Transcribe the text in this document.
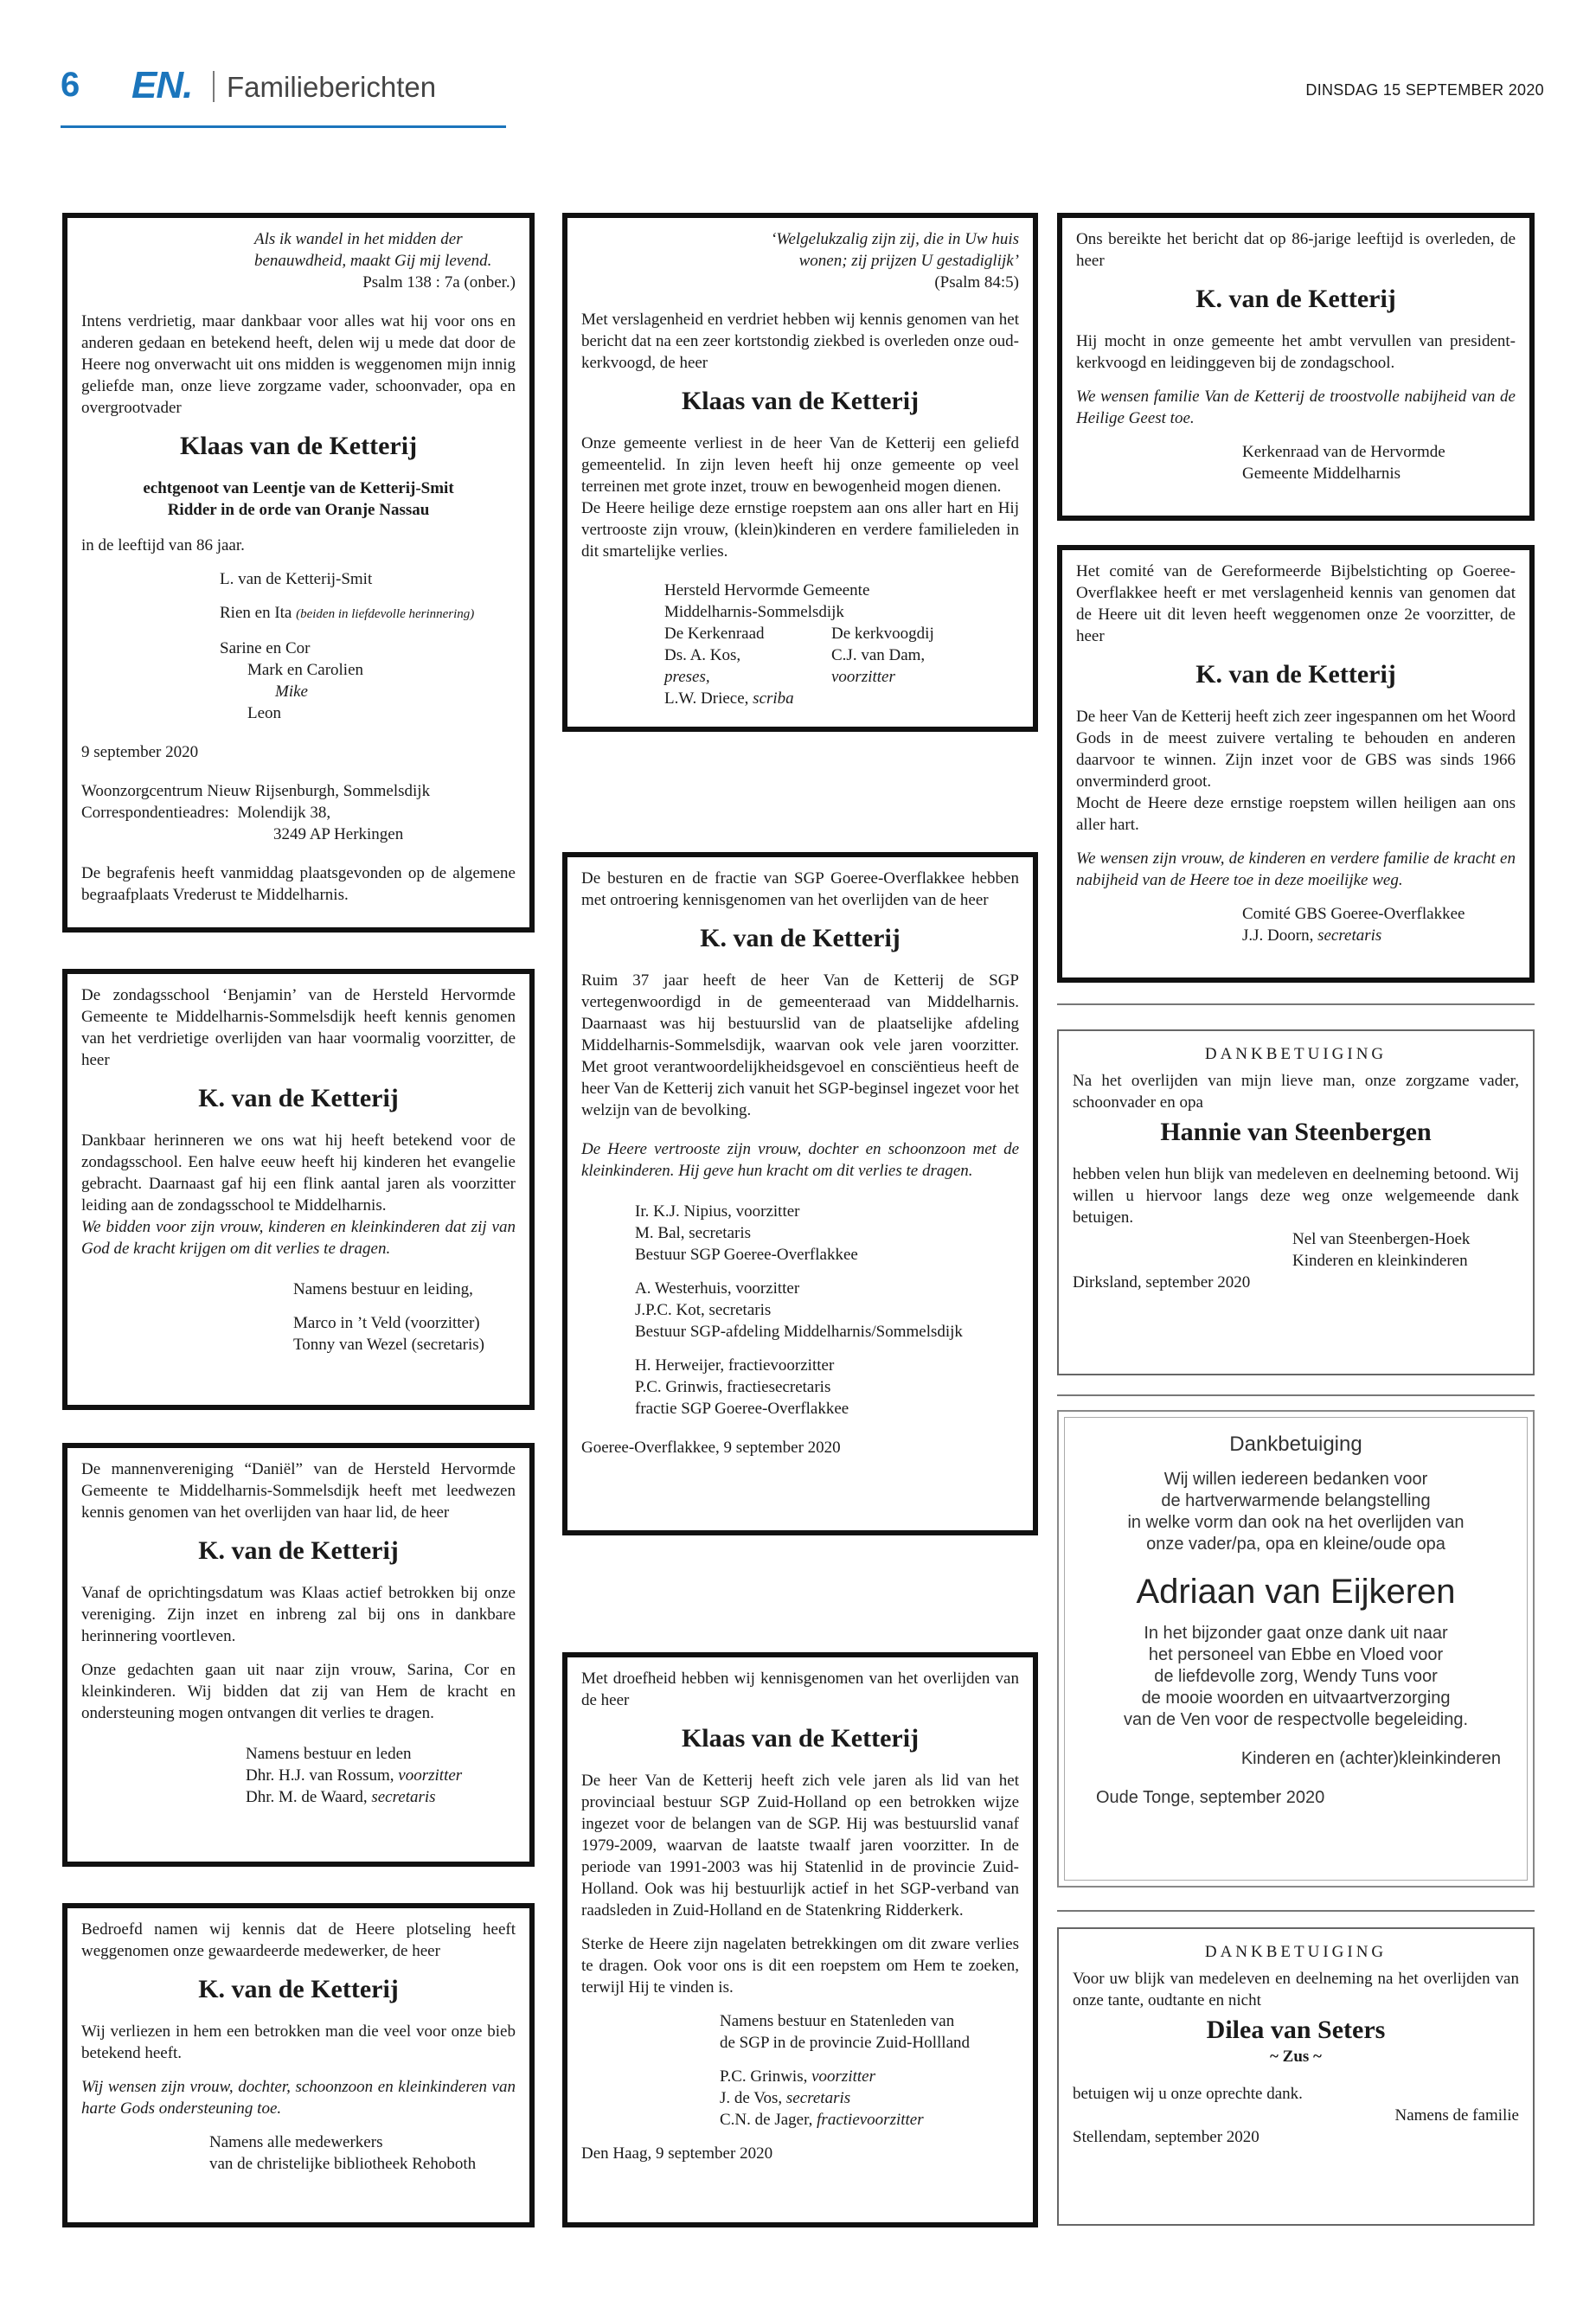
6 EN. Familieberichten	DINSDAG 15 SEPTEMBER 2020
Als ik wandel in het midden der
benauwdheid, maakt Gij mij levend.

Psalm 138 : 7a (onber.)

Intens verdrietig, maar dankbaar voor alles wat hij voor ons en anderen gedaan en betekend heeft, delen wij u mede dat door de Heere nog onverwacht uit ons midden is weggenomen mijn innig geliefde man, onze lieve zorgzame vader, schoonvader, opa en overgrootvader

Klaas van de Ketterij
echtgenoot van Leentje van de Ketterij-Smit
Ridder in de orde van Oranje Nassau

in de leeftijd van 86 jaar.

L. van de Ketterij-Smit

Rien en Ita (beiden in liefdevolle herinnering)

Sarine en Cor
Mark en Carolien
Mike

Leon

9 september 2020

Woonzorgcentrum Nieuw Rijsenburgh, Sommelsdijk
Correspondentieadres: Molendijk 38,

3249 AP Herkingen

De begrafenis heeft vanmiddag plaatsgevonden op de algemene begraafplaats Vrederust te Middelharnis.

De zondagsschool ‘Benjamin’ van de Hersteld Hervormde Gemeente te Middelharnis-Sommelsdijk heeft kennis genomen van het verdrietige overlijden van haar voormalig voorzitter, de heer

K. van de Ketterij
Dankbaar herinneren we ons wat hij heeft betekend voor de zondagsschool. Een halve eeuw heeft hij kinderen het evangelie gebracht. Daarnaast gaf hij een flink aantal jaren als voorzitter leiding aan de zondagsschool te Middelharnis.

We bidden voor zijn vrouw, kinderen en kleinkinderen dat zij van God de kracht krijgen om dit verlies te dragen.

Namens bestuur en leiding,

Marco in ’t Veld (voorzitter)
Tonny van Wezel (secretaris)

De mannenvereniging “Daniël” van de Hersteld Hervormde Gemeente te Middelharnis-Sommelsdijk heeft met leedwezen kennis genomen van het overlijden van haar lid, de heer

K. van de Ketterij

Vanaf de oprichtingsdatum was Klaas actief betrokken bij onze vereniging. Zijn inzet en inbreng zal bij ons in dankbare herinnering voortleven.

Onze gedachten gaan uit naar zijn vrouw, Sarina, Cor en kleinkinderen. Wij bidden dat zij van Hem de kracht en ondersteuning mogen ontvangen dit verlies te dragen.

Namens bestuur en leden
Dhr. H.J. van Rossum, voorzitter
Dhr. M. de Waard, secretaris

Bedroefd namen wij kennis dat de Heere plotseling heeft weggenomen onze gewaardeerde medewerker, de heer

K. van de Ketterij

Wij verliezen in hem een betrokken man die veel voor onze bieb betekend heeft.

Wij wensen zijn vrouw, dochter, schoonzoon en kleinkinderen van harte Gods ondersteuning toe.

Namens alle medewerkers
van de christelijke bibliotheek Rehoboth
‘Welgelukzalig zijn zij, die in Uw huis
wonen; zij prijzen U gestadiglijk’

(Psalm 84:5)

Met verslagenheid en verdriet hebben wij kennis genomen van het bericht dat na een zeer kortstondig ziekbed is overleden onze oud-kerkvoogd, de heer

Klaas van de Ketterij
Onze gemeente verliest in de heer Van de Ketterij een geliefd gemeentelid. In zijn leven heeft hij onze gemeente op veel terreinen met grote inzet, trouw en bewogenheid mogen dienen.

De Heere heilige deze ernstige roepstem aan ons aller hart en Hij vertrooste zijn vrouw, (klein)kinderen en verdere familieleden in dit smartelijke verlies.

Hersteld Hervormde Gemeente
Middelharnis-Sommelsdijk
De Kerkenraad	De kerkvoogdij
Ds. A. Kos,
preses,
C.J. van Dam,
voorzitter
L.W. Driece, scriba

De besturen en de fractie van SGP Goeree-Overflakkee hebben met ontroering kennisgenomen van het overlijden van de heer

K. van de Ketterij

Ruim 37 jaar heeft de heer Van de Ketterij de SGP vertegenwoordigd in de gemeenteraad van Middelharnis. Daarnaast was hij bestuurslid van de plaatselijke afdeling Middelharnis-Sommelsdijk, waarvan ook vele jaren voorzitter. Met groot verantwoordelijkheidsgevoel en consciëntieus heeft de heer Van de Ketterij zich vanuit het SGP-beginsel ingezet voor het welzijn van de bevolking.

De Heere vertrooste zijn vrouw, dochter en schoonzoon met de kleinkinderen. Hij geve hun kracht om dit verlies te dragen.

Ir. K.J. Nipius, voorzitter
M. Bal, secretaris

Bestuur SGP Goeree-Overflakkee

A. Westerhuis, voorzitter
J.P.C. Kot, secretaris

Bestuur SGP-afdeling Middelharnis/Sommelsdijk

H. Herweijer, fractievoorzitter
P.C. Grinwis, fractiesecretaris

fractie SGP Goeree-Overflakkee

Goeree-Overflakkee, 9 september 2020

Met droefheid hebben wij kennisgenomen van het overlijden van de heer

Klaas van de Ketterij

De heer Van de Ketterij heeft zich vele jaren als lid van het provinciaal bestuur SGP Zuid-Holland op een betrokken wijze ingezet voor de belangen van de SGP. Hij was bestuurslid vanaf 1979-2009, waarvan de laatste twaalf jaren voorzitter. In de periode van 1991-2003 was hij Statenlid in de provincie Zuid-Holland. Ook was hij bestuurlijk actief in het SGP-verband van raadsleden in Zuid-Holland en de Statenkring Ridderkerk.

Sterke de Heere zijn nagelaten betrekkingen om dit zware verlies te dragen. Ook voor ons is dit een roepstem om Hem te zoeken, terwijl Hij te vinden is.

Namens bestuur en Statenleden van

de SGP in de provincie Zuid-Hollland

P.C. Grinwis, voorzitter
J. de Vos, secretaris

C.N. de Jager, fractievoorzitter

Den Haag, 9 september 2020

Ons bereikte het bericht dat op 86-jarige leeftijd is overleden, de heer

K. van de Ketterij

Hij mocht in onze gemeente het ambt vervullen van president-kerkvoogd en leidinggeven bij de zondagschool.

We wensen familie Van de Ketterij de troostvolle nabijheid van de Heilige Geest toe.

Kerkenraad van de Hervormde
Gemeente Middelharnis

Het comité van de Gereformeerde Bijbelstichting op Goeree-Overflakkee heeft er met verslagenheid kennis van genomen dat de Heere uit dit leven heeft weggenomen onze 2e voorzitter, de heer

K. van de Ketterij
De heer Van de Ketterij heeft zich zeer ingespannen om het Woord Gods in de meest zuivere vertaling te behouden en anderen daarvoor te winnen. Zijn inzet voor de GBS was sinds 1966 onverminderd groot.

Mocht de Heere deze ernstige roepstem willen heiligen aan ons aller hart.

We wensen zijn vrouw, de kinderen en verdere familie de kracht en nabijheid van de Heere toe in deze moeilijke weg.

Comité GBS Goeree-Overflakkee
J.J. Doorn, secretaris
DANKBETUIGING

Na het overlijden van mijn lieve man, onze zorgzame vader, schoonvader en opa

Hannie van Steenbergen

hebben velen hun blijk van medeleven en deelneming betoond. Wij willen u hiervoor langs deze weg onze welgemeende dank betuigen.

Nel van Steenbergen-Hoek

Kinderen en kleinkinderen

Dirksland, september 2020
Dankbetuiging
Wij willen iedereen bedanken voor
de hartverwarmende belangstelling
in welke vorm dan ook na het overlijden van
onze vader/pa, opa en kleine/oude opa
Adriaan van Eijkeren
In het bijzonder gaat onze dank uit naar
het personeel van Ebbe en Vloed voor
de liefdevolle zorg, Wendy Tuns voor
de mooie woorden en uitvaartverzorging
van de Ven voor de respectvolle begeleiding.
Kinderen en (achter)kleinkinderen
Oude Tonge, september 2020
DANKBETUIGING

Voor uw blijk van medeleven en deelneming na het overlijden van onze tante, oudtante en nicht

Dilea van Seters
~ Zus ~

betuigen wij u onze oprechte dank.

Namens de familie

Stellendam, september 2020
